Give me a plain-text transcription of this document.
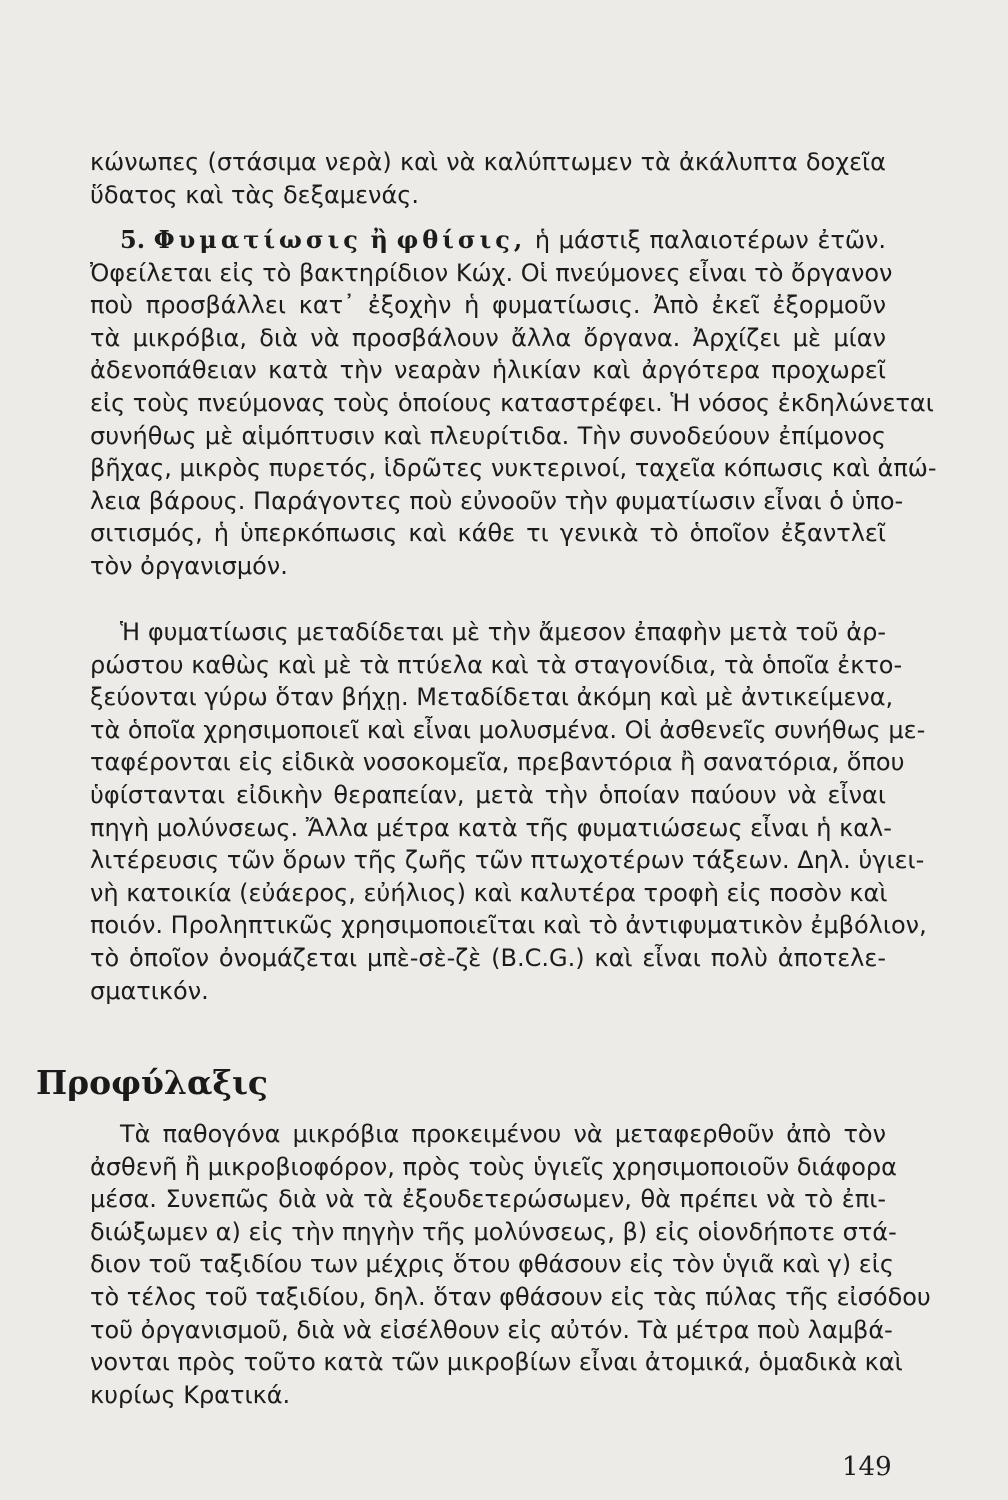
κώνωπες (στάσιμα νερὰ) καὶ νὰ καλύπτωμεν τὰ ἀκάλυπτα δοχεῖα
ὕδατος καὶ τὰς δεξαμενάς.
5. Φυματίωσις ἢ φθίσις, ἡ μάστιξ παλαιοτέρων ἐτῶν.
Ὀφείλεται εἰς τὸ βακτηρίδιον Κώχ. Οἱ πνεύμονες εἶναι τὸ ὄργανον
ποὺ προσβάλλει κατ᾽ ἐξοχὴν ἡ φυματίωσις. Ἀπὸ ἐκεῖ ἐξορμοῦν
τὰ μικρόβια, διὰ νὰ προσβάλουν ἄλλα ὄργανα. Ἀρχίζει μὲ μίαν
ἀδενοπάθειαν κατὰ τὴν νεαρὰν ἡλικίαν καὶ ἀργότερα προχωρεῖ
εἰς τοὺς πνεύμονας τοὺς ὁποίους καταστρέφει. Ἡ νόσος ἐκδηλώνεται
συνήθως μὲ αἱμόπτυσιν καὶ πλευρίτιδα. Τὴν συνοδεύουν ἐπίμονος
βῆχας, μικρὸς πυρετός, ἱδρῶτες νυκτερινοί, ταχεῖα κόπωσις καὶ ἀπώ-
λεια βάρους. Παράγοντες ποὺ εὐνοοῦν τὴν φυματίωσιν εἶναι ὁ ὑπο-
σιτισμός, ἡ ὑπερκόπωσις καὶ κάθε τι γενικὰ τὸ ὁποῖον ἐξαντλεῖ
τὸν ὀργανισμόν.
Ἡ φυματίωσις μεταδίδεται μὲ τὴν ἄμεσον ἐπαφὴν μετὰ τοῦ ἀρ-
ρώστου καθὼς καὶ μὲ τὰ πτύελα καὶ τὰ σταγονίδια, τὰ ὁποῖα ἐκτο-
ξεύονται γύρω ὅταν βήχῃ. Μεταδίδεται ἀκόμη καὶ μὲ ἀντικείμενα,
τὰ ὁποῖα χρησιμοποιεῖ καὶ εἶναι μολυσμένα. Οἱ ἀσθενεῖς συνήθως με-
ταφέρονται εἰς εἰδικὰ νοσοκομεῖα, πρεβαντόρια ἢ σανατόρια, ὅπου
ὑφίστανται εἰδικὴν θεραπείαν, μετὰ τὴν ὁποίαν παύουν νὰ εἶναι
πηγὴ μολύνσεως. Ἄλλα μέτρα κατὰ τῆς φυματιώσεως εἶναι ἡ καλ-
λιτέρευσις τῶν ὅρων τῆς ζωῆς τῶν πτωχοτέρων τάξεων. Δηλ. ὑγιει-
νὴ κατοικία (εὐάερος, εὐήλιος) καὶ καλυτέρα τροφὴ εἰς ποσὸν καὶ
ποιόν. Προληπτικῶς χρησιμοποιεῖται καὶ τὸ ἀντιφυματικὸν ἐμβόλιον,
τὸ ὁποῖον ὀνομάζεται μπὲ-σὲ-ζὲ (B.C.G.) καὶ εἶναι πολὺ ἀποτελε-
σματικόν.
Προφύλαξις
Τὰ παθογόνα μικρόβια προκειμένου νὰ μεταφερθοῦν ἀπὸ τὸν
ἀσθενῆ ἢ μικροβιοφόρον, πρὸς τοὺς ὑγιεῖς χρησιμοποιοῦν διάφορα
μέσα. Συνεπῶς διὰ νὰ τὰ ἐξουδετερώσωμεν, θὰ πρέπει νὰ τὸ ἐπι-
διώξωμεν α) εἰς τὴν πηγὴν τῆς μολύνσεως, β) εἰς οἱονδήποτε στά-
διον τοῦ ταξιδίου των μέχρις ὅτου φθάσουν εἰς τὸν ὑγιᾶ καὶ γ) εἰς
τὸ τέλος τοῦ ταξιδίου, δηλ. ὅταν φθάσουν εἰς τὰς πύλας τῆς εἰσόδου
τοῦ ὀργανισμοῦ, διὰ νὰ εἰσέλθουν εἰς αὐτόν. Τὰ μέτρα ποὺ λαμβά-
νονται πρὸς τοῦτο κατὰ τῶν μικροβίων εἶναι ἀτομικά, ὁμαδικὰ καὶ
κυρίως Κρατικά.
149
